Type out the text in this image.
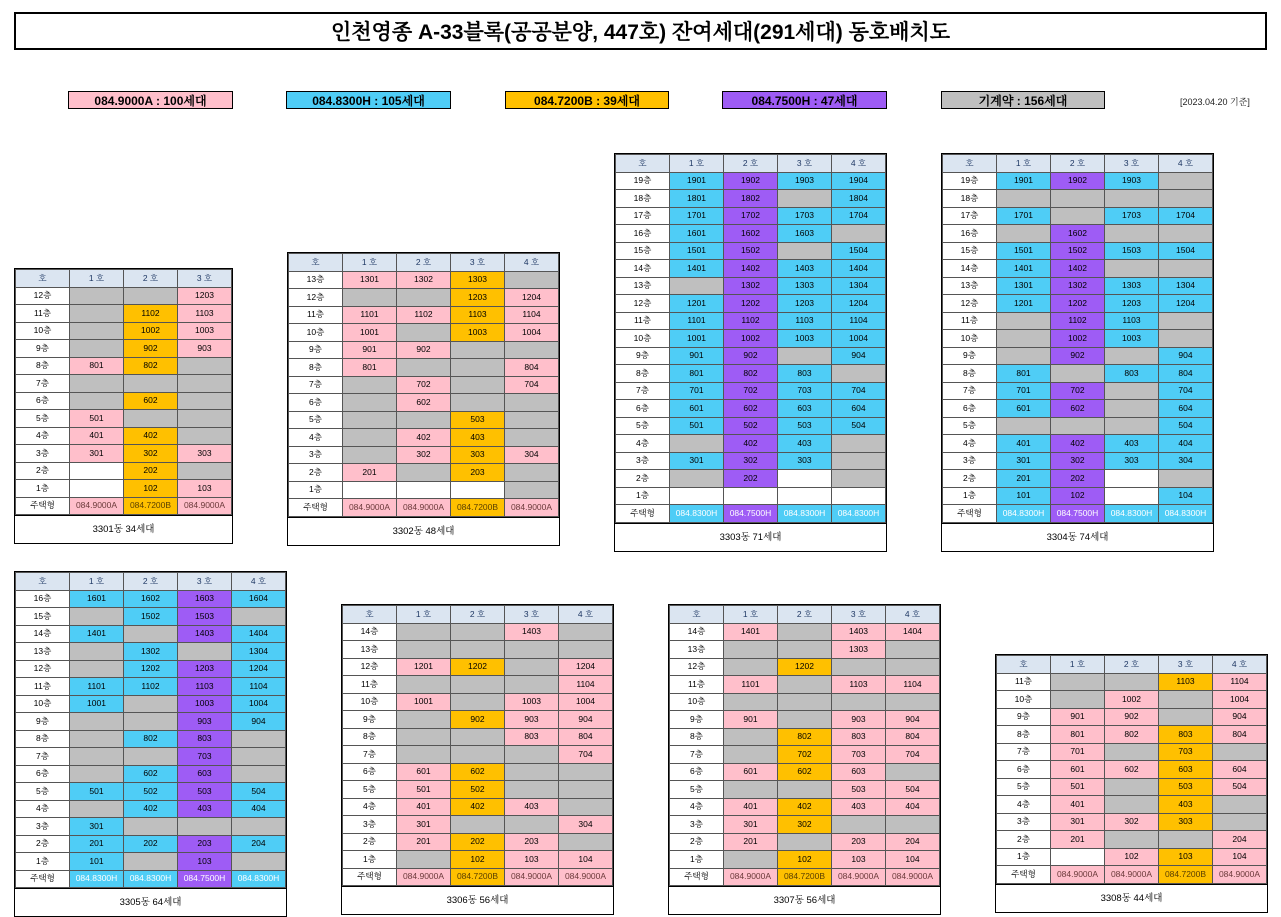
인천영종 A-33블록(공공분양, 447호) 잔여세대(291세대) 동호배치도
084.9000A : 100세대	084.8300H : 105세대	084.7200B : 39세대	084.7500H : 47세대	기계약 : 156세대	[2023.04.20 기준]
호	1 호	2 호	3 호
12층			1203
11층		1102	1103
10층		1002	1003
9층		902	903
8층	801	802	
7층			
6층		602	
5층	501		
4층	401	402	
3층	301	302	303
2층		202	
1층		102	103
주택형	084.9000A	084.7200B	084.9000A
3301동 34세대
호	1 호	2 호	3 호	4 호
13층	1301	1302	1303	
12층			1203	1204
11층	1101	1102	1103	1104
10층	1001		1003	1004
9층	901	902		
8층	801			804
7층		702		704
6층		602		
5층			503	
4층		402	403	
3층		302	303	304
2층	201		203	
1층				
주택형	084.9000A	084.9000A	084.7200B	084.9000A
3302동 48세대
호	1 호	2 호	3 호	4 호
19층	1901	1902	1903	1904
18층	1801	1802		1804
17층	1701	1702	1703	1704
16층	1601	1602	1603	
15층	1501	1502		1504
14층	1401	1402	1403	1404
13층		1302	1303	1304
12층	1201	1202	1203	1204
11층	1101	1102	1103	1104
10층	1001	1002	1003	1004
9층	901	902		904
8층	801	802	803	
7층	701	702	703	704
6층	601	602	603	604
5층	501	502	503	504
4층		402	403	
3층	301	302	303	
2층		202		
1층				
주택형	084.8300H	084.7500H	084.8300H	084.8300H
3303동 71세대
호	1 호	2 호	3 호	4 호
19층	1901	1902	1903	
18층				
17층	1701		1703	1704
16층		1602		
15층	1501	1502	1503	1504
14층	1401	1402		
13층	1301	1302	1303	1304
12층	1201	1202	1203	1204
11층		1102	1103	
10층		1002	1003	
9층		902		904
8층	801		803	804
7층	701	702		704
6층	601	602		604
5층				504
4층	401	402	403	404
3층	301	302	303	304
2층	201	202		
1층	101	102		104
주택형	084.8300H	084.7500H	084.8300H	084.8300H
3304동 74세대
호	1 호	2 호	3 호	4 호
16층	1601	1602	1603	1604
15층		1502	1503	
14층	1401		1403	1404
13층		1302		1304
12층		1202	1203	1204
11층	1101	1102	1103	1104
10층	1001		1003	1004
9층			903	904
8층		802	803	
7층			703	
6층		602	603	
5층	501	502	503	504
4층		402	403	404
3층	301			
2층	201	202	203	204
1층	101		103	
주택형	084.8300H	084.8300H	084.7500H	084.8300H
3305동 64세대
호	1 호	2 호	3 호	4 호
14층			1403	
13층				
12층	1201	1202		1204
11층				1104
10층	1001		1003	1004
9층		902	903	904
8층			803	804
7층				704
6층	601	602		
5층	501	502		
4층	401	402	403	
3층	301			304
2층	201	202	203	
1층		102	103	104
주택형	084.9000A	084.7200B	084.9000A	084.9000A
3306동 56세대
호	1 호	2 호	3 호	4 호
14층	1401		1403	1404
13층			1303	
12층		1202		
11층	1101		1103	1104
10층				
9층	901		903	904
8층		802	803	804
7층		702	703	704
6층	601	602	603	
5층			503	504
4층	401	402	403	404
3층	301	302		
2층	201		203	204
1층		102	103	104
주택형	084.9000A	084.7200B	084.9000A	084.9000A
3307동 56세대
호	1 호	2 호	3 호	4 호
11층			1103	1104
10층		1002		1004
9층	901	902		904
8층	801	802	803	804
7층	701		703	
6층	601	602	603	604
5층	501		503	504
4층	401		403	
3층	301	302	303	
2층	201			204
1층		102	103	104
주택형	084.9000A	084.9000A	084.7200B	084.9000A
3308동 44세대
